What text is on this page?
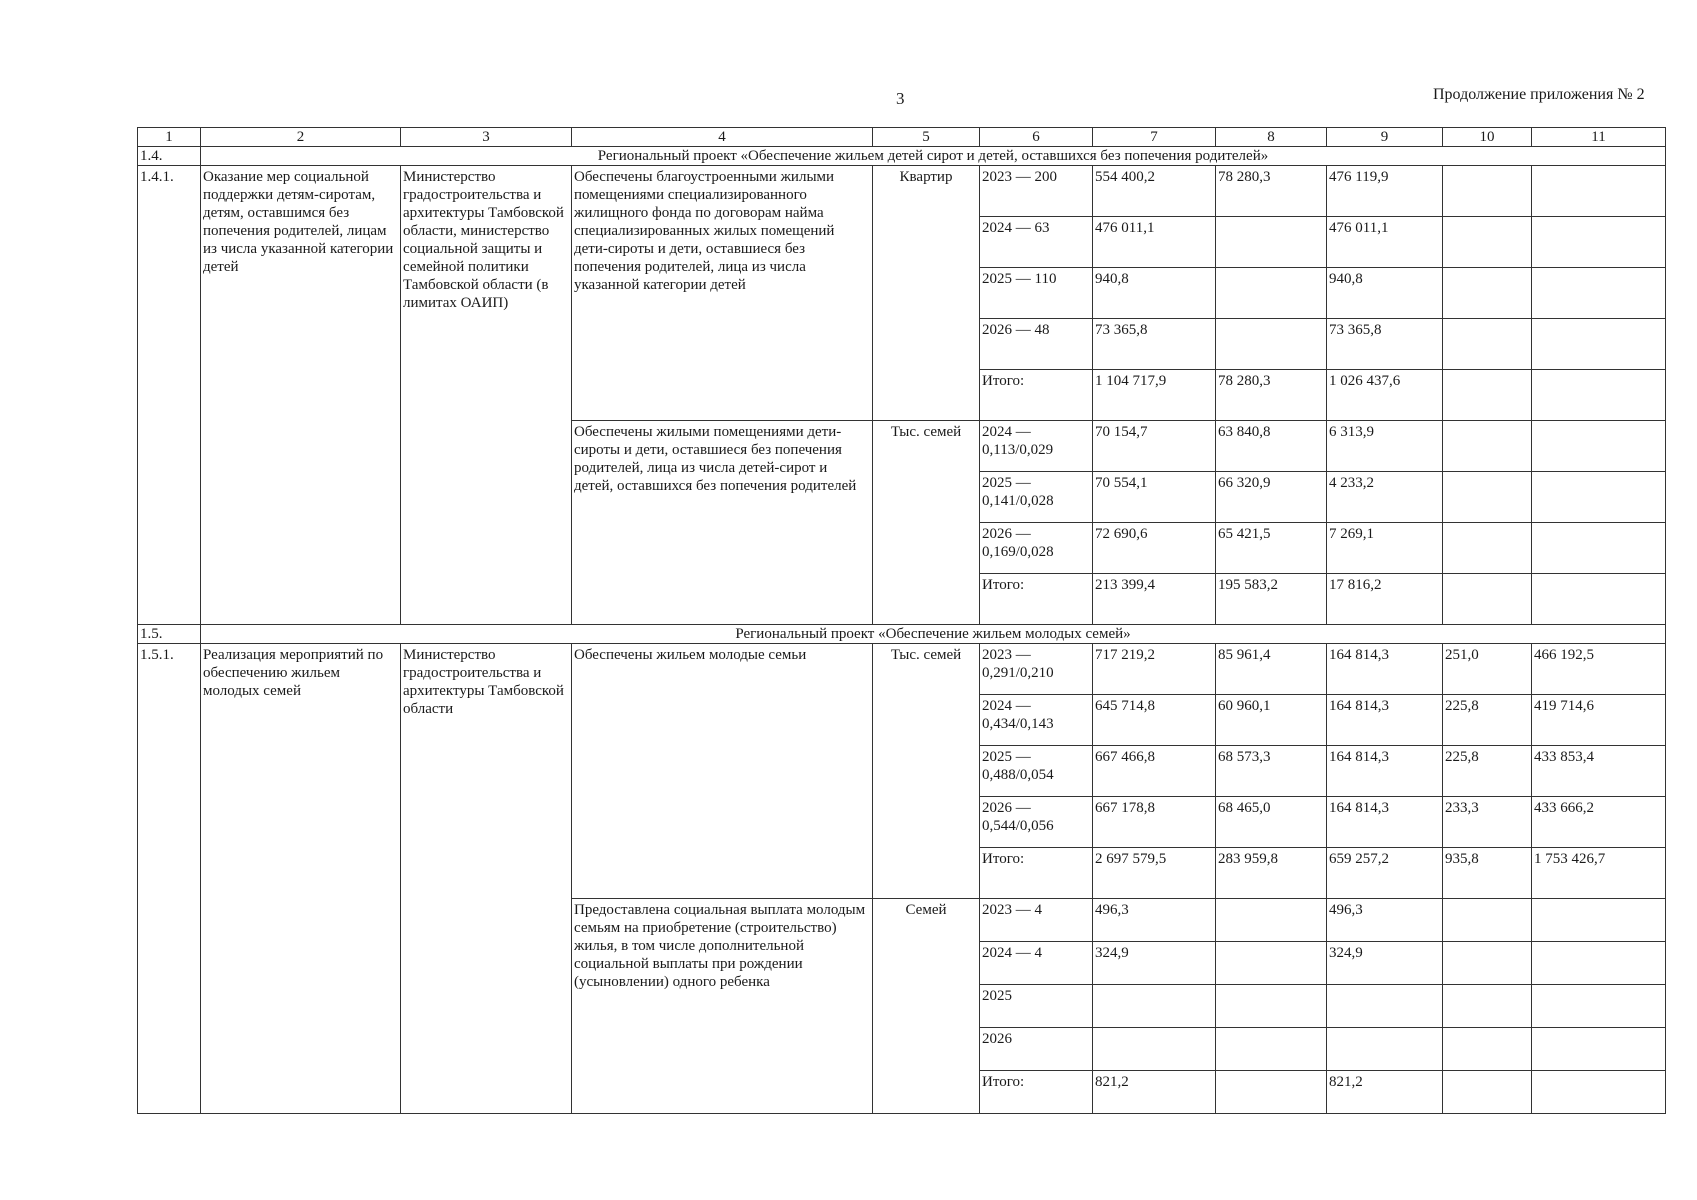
3	Продолжение приложения № 2
1	2	3	4	5	6	7	8	9	10	11
1.4.	Региональный проект «Обеспечение жильем детей сирот и детей, оставшихся без попечения родителей»									
1.4.1.	Оказание мер социальной поддержки детям-сиротам, детям, оставшимся без попечения родителей, лицам из числа указанной категории детей	Министерство градостроительства и архитектуры Тамбовской области, министерство социальной защиты и семейной политики Тамбовской области (в лимитах ОАИП)	Обеспечены благоустроенными жилыми помещениями специализированного жилищного фонда по договорам найма специализированных жилых помещений дети-сироты и дети, оставшиеся без попечения родителей, лица из числа указанной категории детей	Квартир	2023 — 200	554 400,2	78 280,3	476 119,9		
					2024 — 63	476 011,1		476 011,1		
					2025 — 110	940,8		940,8		
					2026 — 48	73 365,8		73 365,8		
					Итого:	1 104 717,9	78 280,3	1 026 437,6		
			Обеспечены жилыми помещениями дети-сироты и дети, оставшиеся без попечения родителей, лица из числа детей-сирот и детей, оставшихся без попечения родителей	Тыс. семей	2024 — 0,113/0,029	70 154,7	63 840,8	6 313,9		
					2025 — 0,141/0,028	70 554,1	66 320,9	4 233,2		
					2026 — 0,169/0,028	72 690,6	65 421,5	7 269,1		
					Итого:	213 399,4	195 583,2	17 816,2		
1.5.	Региональный проект «Обеспечение жильем молодых семей»									
1.5.1.	Реализация мероприятий по обеспечению жильем молодых семей	Министерство градостроительства и архитектуры Тамбовской области	Обеспечены жильем молодые семьи	Тыс. семей	2023 — 0,291/0,210	717 219,2	85 961,4	164 814,3	251,0	466 192,5
					2024 — 0,434/0,143	645 714,8	60 960,1	164 814,3	225,8	419 714,6
					2025 — 0,488/0,054	667 466,8	68 573,3	164 814,3	225,8	433 853,4
					2026 — 0,544/0,056	667 178,8	68 465,0	164 814,3	233,3	433 666,2
					Итого:	2 697 579,5	283 959,8	659 257,2	935,8	1 753 426,7
			Предоставлена социальная выплата молодым семьям на приобретение (строительство) жилья, в том числе дополнительной социальной выплаты при рождении (усыновлении) одного ребенка	Семей	2023 — 4	496,3		496,3		
					2024 — 4	324,9		324,9		
					2025					
					2026					
					Итого:	821,2		821,2		
